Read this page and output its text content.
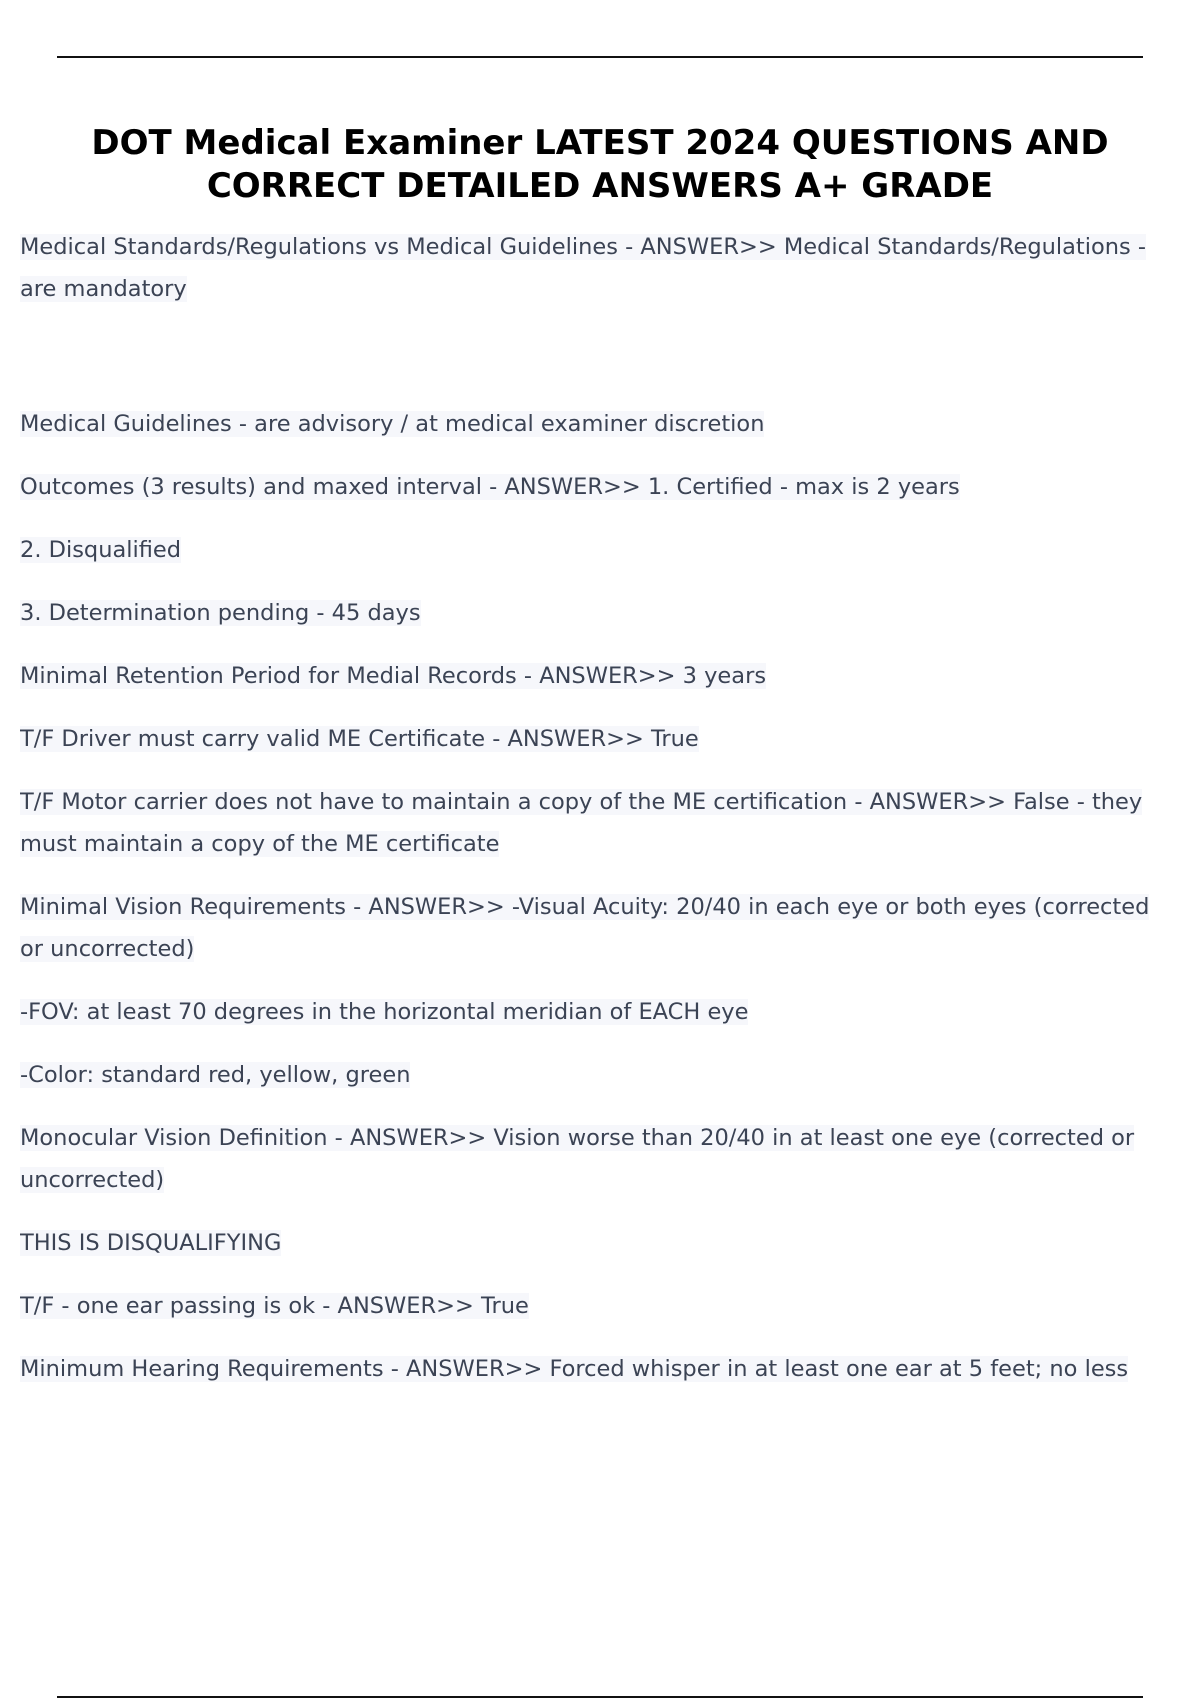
DOT Medical Examiner LATEST 2024 QUESTIONS AND
CORRECT DETAILED ANSWERS A+ GRADE

Medical Standards/Regulations vs Medical Guidelines - ANSWER>> Medical Standards/Regulations - are mandatory

Medical Guidelines - are advisory / at medical examiner discretion

Outcomes (3 results) and maxed interval - ANSWER>> 1. Certified - max is 2 years

2. Disqualified

3. Determination pending - 45 days

Minimal Retention Period for Medial Records - ANSWER>> 3 years

T/F Driver must carry valid ME Certificate - ANSWER>> True

T/F Motor carrier does not have to maintain a copy of the ME certification - ANSWER>> False - they must maintain a copy of the ME certificate

Minimal Vision Requirements - ANSWER>> -Visual Acuity: 20/40 in each eye or both eyes (corrected or uncorrected)

-FOV: at least 70 degrees in the horizontal meridian of EACH eye

-Color: standard red, yellow, green

Monocular Vision Definition - ANSWER>> Vision worse than 20/40 in at least one eye (corrected or uncorrected)

THIS IS DISQUALIFYING

T/F - one ear passing is ok - ANSWER>> True

Minimum Hearing Requirements - ANSWER>> Forced whisper in at least one ear at 5 feet; no less
